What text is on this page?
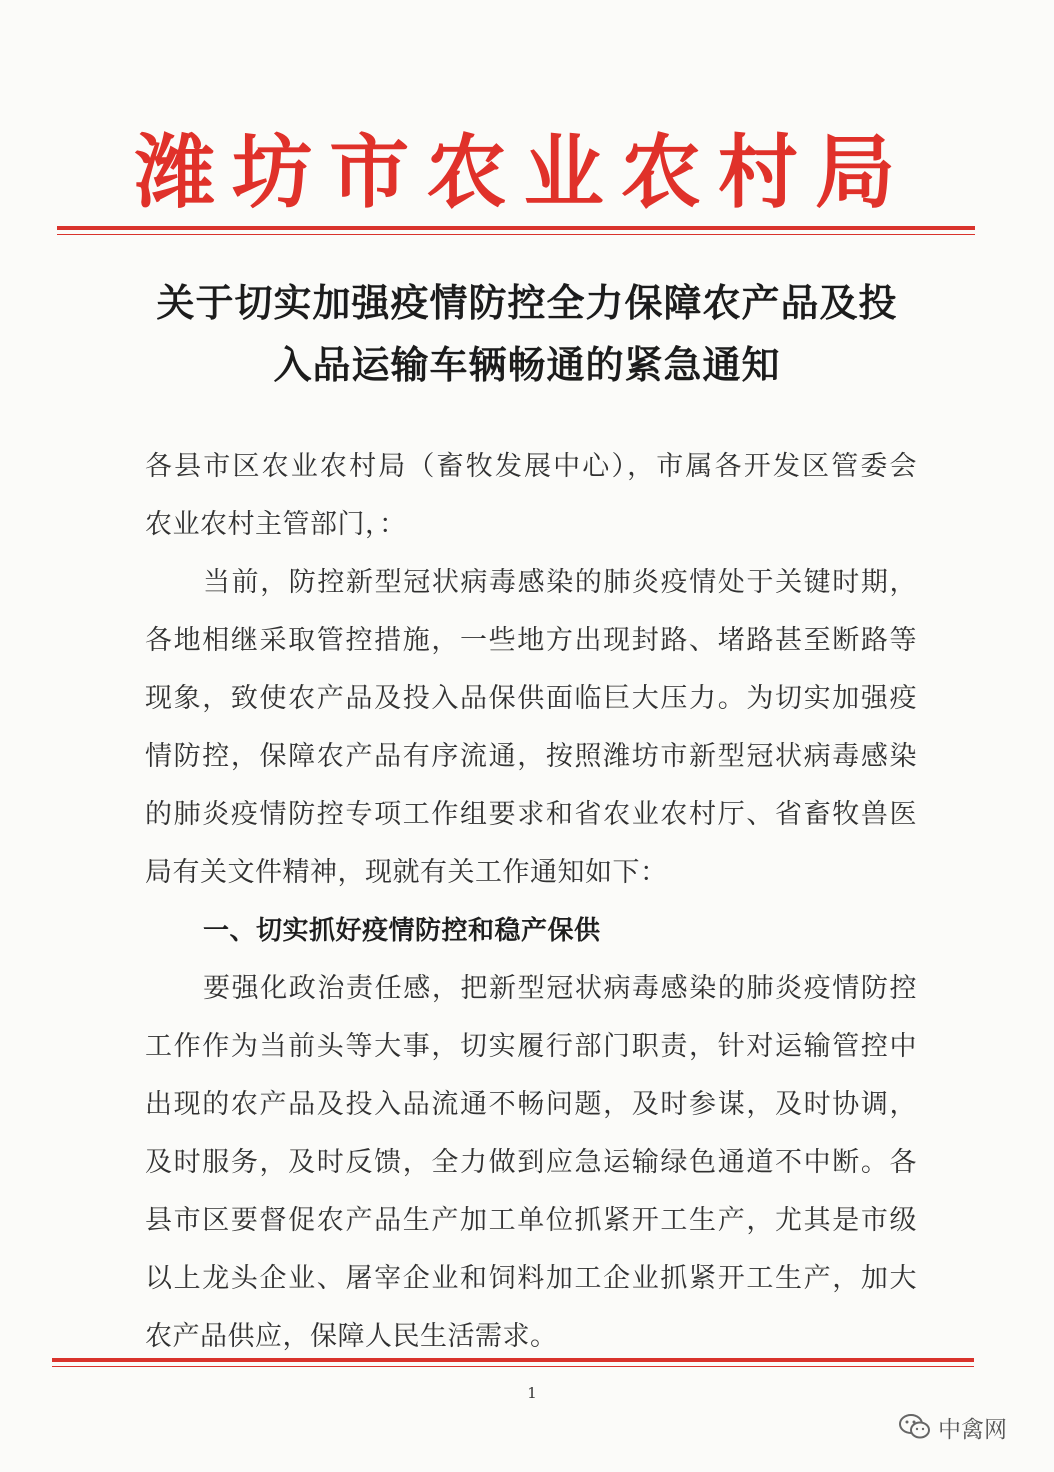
潍 坊 市 农 业 农 村 局
关于切实加强疫情防控全力保障农产品及投
入品运输车辆畅通的紧急通知
各县市区农业农村局（畜牧发展中心），市属各开发区管委会
农业农村主管部门，：
当前，防控新型冠状病毒感染的肺炎疫情处于关键时期，
各地相继采取管控措施，一些地方出现封路、堵路甚至断路等
现象，致使农产品及投入品保供面临巨大压力。为切实加强疫
情防控，保障农产品有序流通，按照潍坊市新型冠状病毒感染
的肺炎疫情防控专项工作组要求和省农业农村厅、省畜牧兽医
局有关文件精神，现就有关工作通知如下：
一、切实抓好疫情防控和稳产保供
要强化政治责任感，把新型冠状病毒感染的肺炎疫情防控
工作作为当前头等大事，切实履行部门职责，针对运输管控中
出现的农产品及投入品流通不畅问题，及时参谋，及时协调，
及时服务，及时反馈，全力做到应急运输绿色通道不中断。各
县市区要督促农产品生产加工单位抓紧开工生产，尤其是市级
以上龙头企业、屠宰企业和饲料加工企业抓紧开工生产，加大
农产品供应，保障人民生活需求。
1
中禽网
